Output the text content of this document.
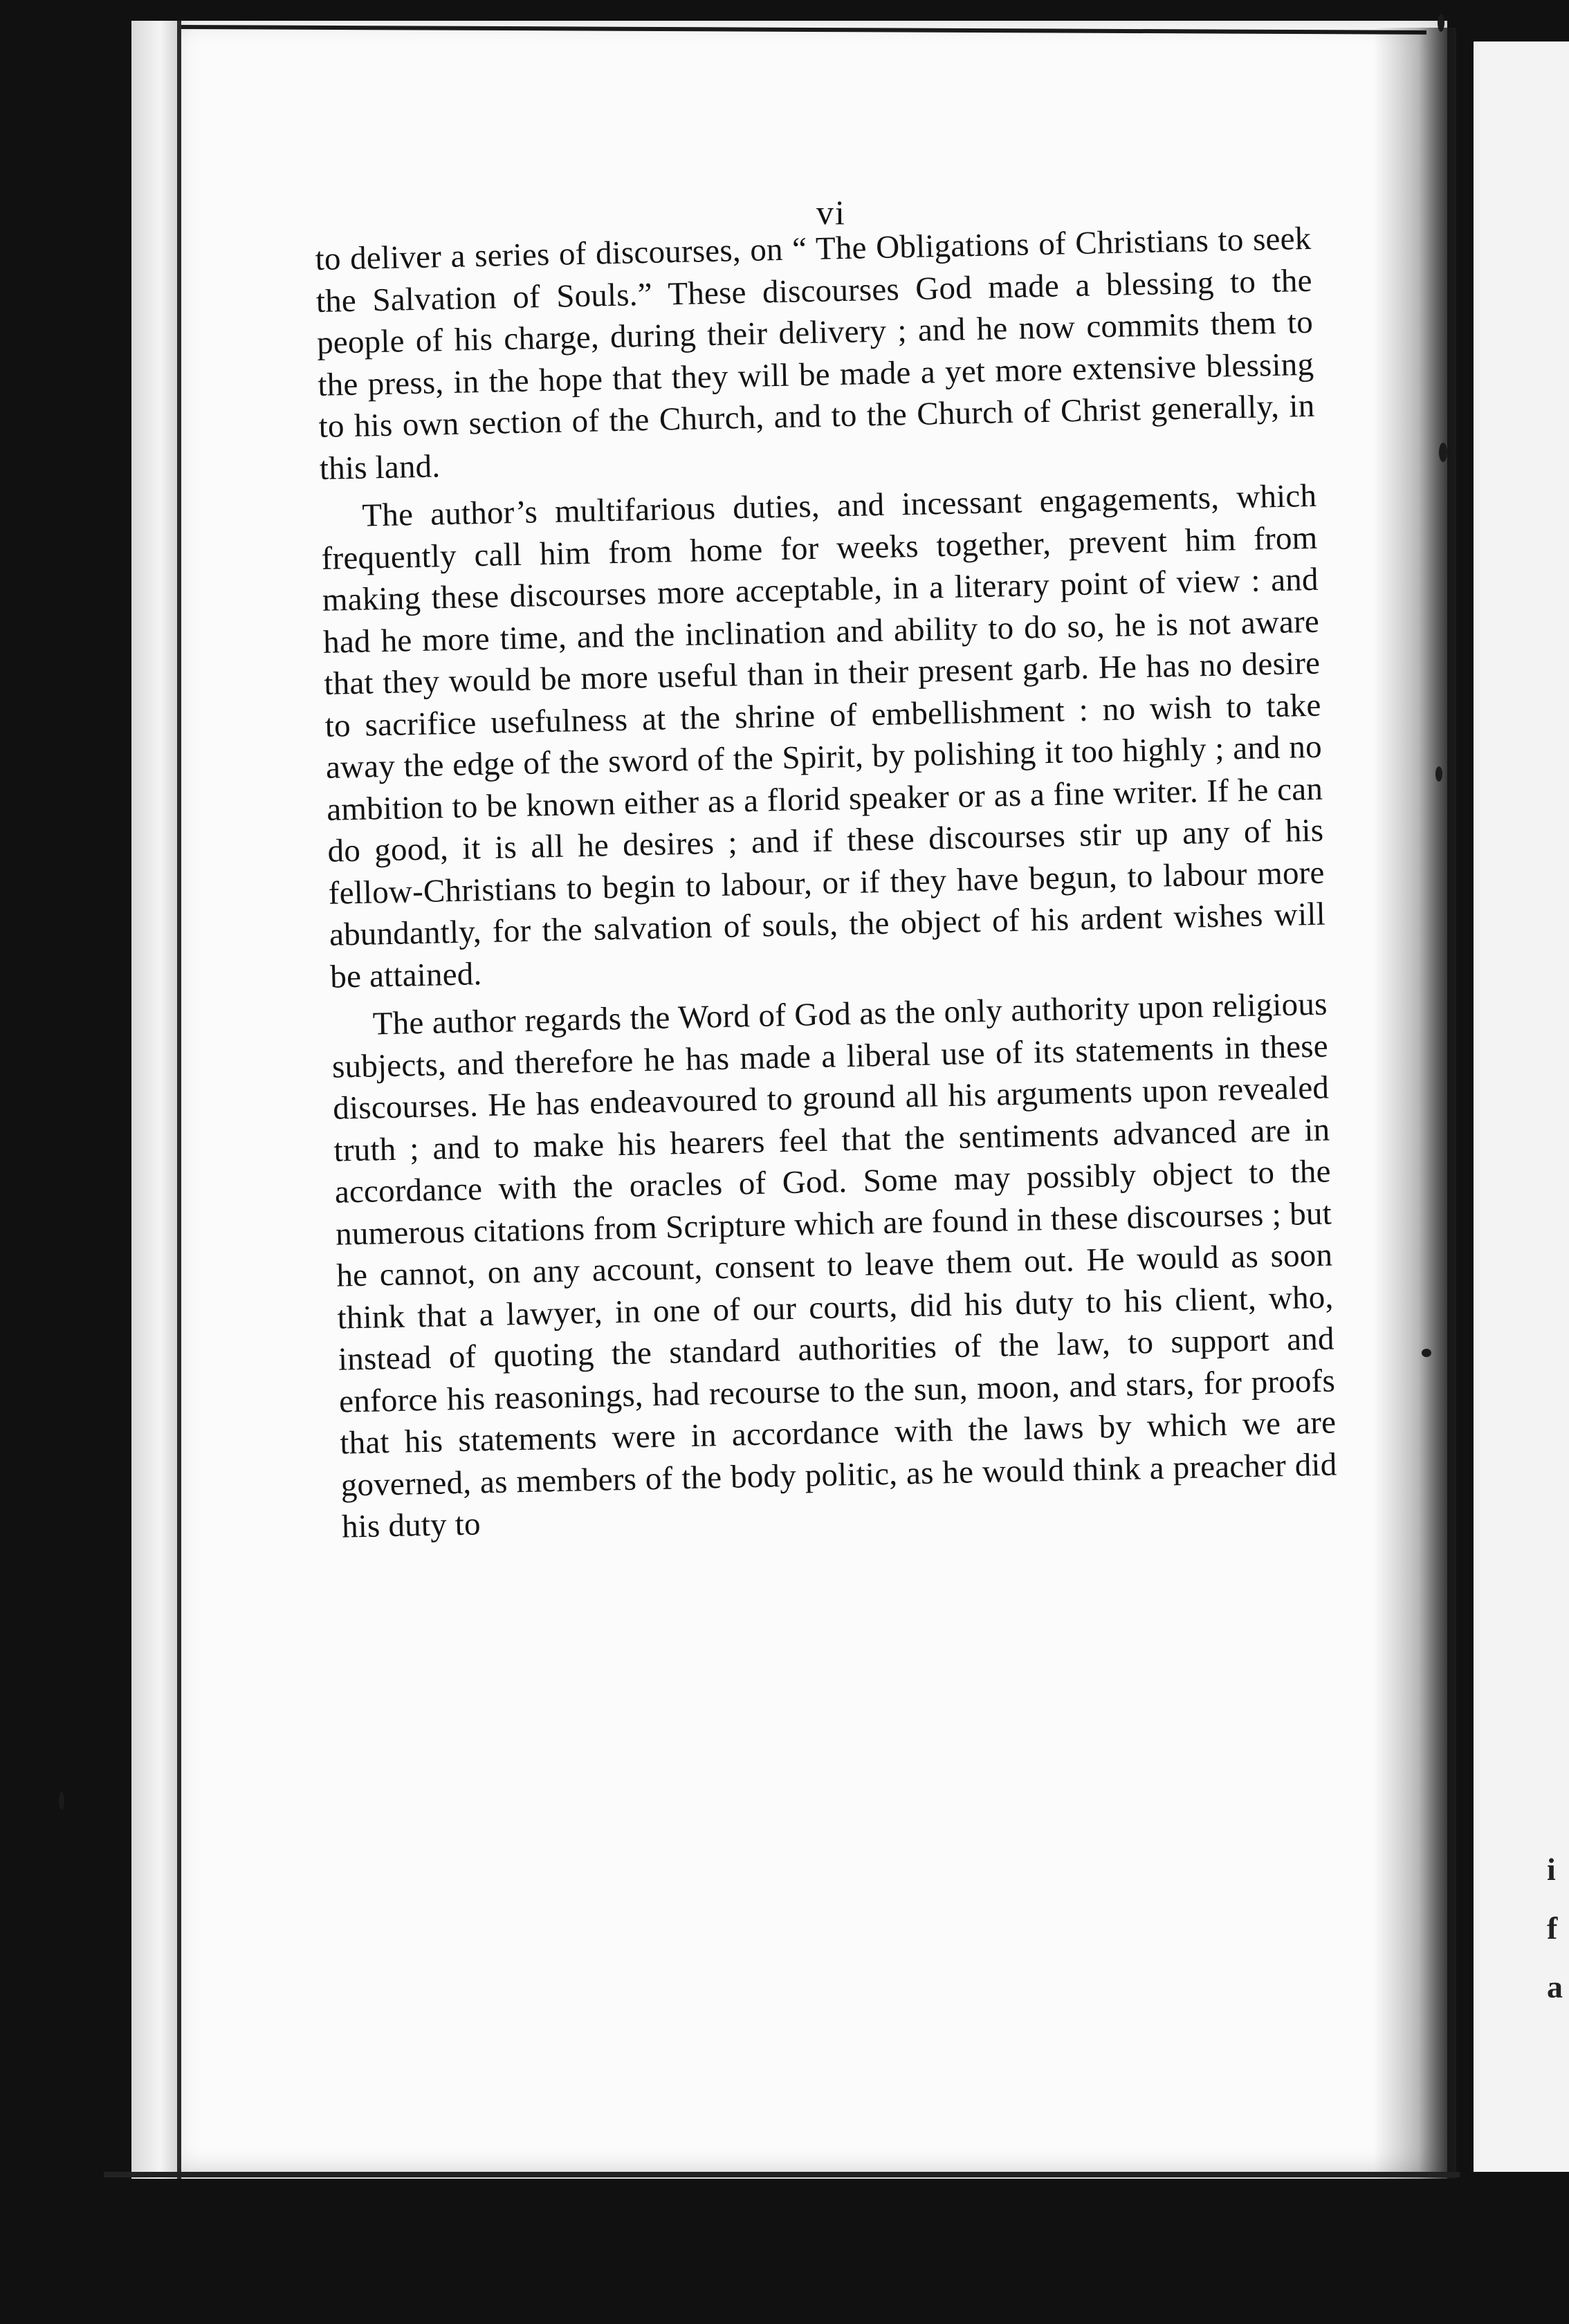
i
f
a
vi

to deliver a series of discourses, on “ The Obligations of Christians to seek the Salvation of Souls.” These discourses God made a blessing to the people of his charge, during their delivery ; and he now commits them to the press, in the hope that they will be made a yet more extensive blessing to his own section of the Church, and to the Church of Christ generally, in this land.

The author’s multifarious duties, and incessant engagements, which frequently call him from home for weeks together, prevent him from making these discourses more acceptable, in a literary point of view : and had he more time, and the inclination and ability to do so, he is not aware that they would be more useful than in their present garb. He has no desire to sacrifice usefulness at the shrine of embellishment : no wish to take away the edge of the sword of the Spirit, by polishing it too highly ; and no ambition to be known either as a florid speaker or as a fine writer. If he can do good, it is all he desires ; and if these discourses stir up any of his fellow-Christians to begin to labour, or if they have begun, to labour more abundantly, for the salvation of souls, the object of his ardent wishes will be attained.

The author regards the Word of God as the only authority upon religious subjects, and therefore he has made a liberal use of its statements in these discourses. He has endeavoured to ground all his arguments upon revealed truth ; and to make his hearers feel that the sentiments advanced are in accordance with the oracles of God. Some may possibly object to the numerous citations from Scripture which are found in these discourses ; but he cannot, on any account, consent to leave them out. He would as soon think that a lawyer, in one of our courts, did his duty to his client, who, instead of quoting the standard authorities of the law, to support and enforce his reasonings, had recourse to the sun, moon, and stars, for proofs that his statements were in accordance with the laws by which we are governed, as members of the body politic, as he would think a preacher did his duty to
